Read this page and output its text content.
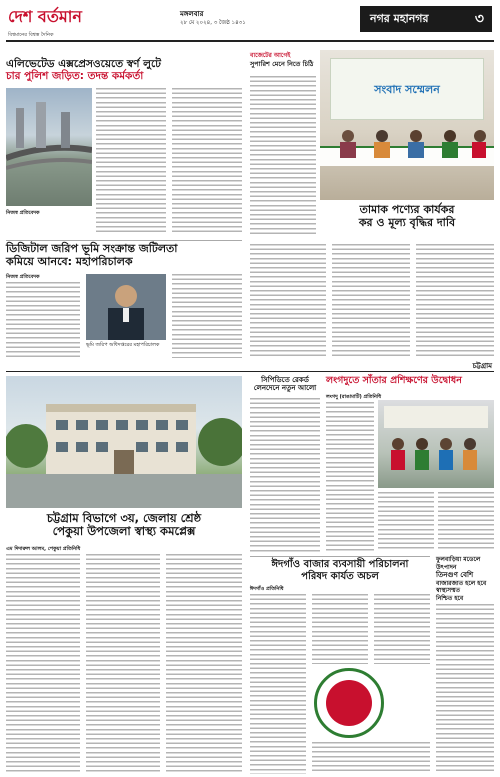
দেশ বর্তমান
বিশ্বমানের বিশ্বস্ত দৈনিক
মঙ্গলবার
২৮ মে ২০২৪, ৩ জৈষ্ঠ ১৪৩১	নগর মহানগর	৩
এলিভেটেড এক্সপ্রেসওয়েতে স্বর্ণ লুটে
চার পুলিশ জড়িত: তদন্ত কর্মকর্তা
নিজস্ব প্রতিবেদক
বাজেটের আগেই
সুপারিশ মেনে নিতে চিঠি
সংবাদ সম্মেলন
তামাক পণ্যের কার্যকর
কর ও মূল্য বৃদ্ধির দাবি
ডিজিটাল জরিপ ভূমি সংক্রান্ত জটিলতা
কমিয়ে আনবে: মহাপরিচালক
নিজস্ব প্রতিবেদক
ভূমি জরিপ অধিদপ্তরের মহাপরিচালক
চট্টগ্রাম
চট্টগ্রাম বিভাগে ৩য়, জেলায় শ্রেষ্ঠ
পেকুয়া উপজেলা স্বাস্থ্য কমপ্লেক্স
এম দিদারুল আলম, পেকুয়া প্রতিনিধি
সিপিডিতে রেকর্ড
লেনদেনে নতুন আলো
লংগদুতে সাঁতার প্রশিক্ষণের উদ্বোধন
লংগদু (রাঙামাটি) প্রতিনিধি
ঈদগাঁও বাজার ব্যবসায়ী পরিচালনা
পরিষদ কার্যত অচল
ঈদগাঁও প্রতিনিধি
ফুলবাড়িয়া মডেলে উৎপাদন
তিনগুণ বেশি
বাজারজাত হলে হবে
স্বাস্থ্যসম্মত
নিশ্চিত হবে
